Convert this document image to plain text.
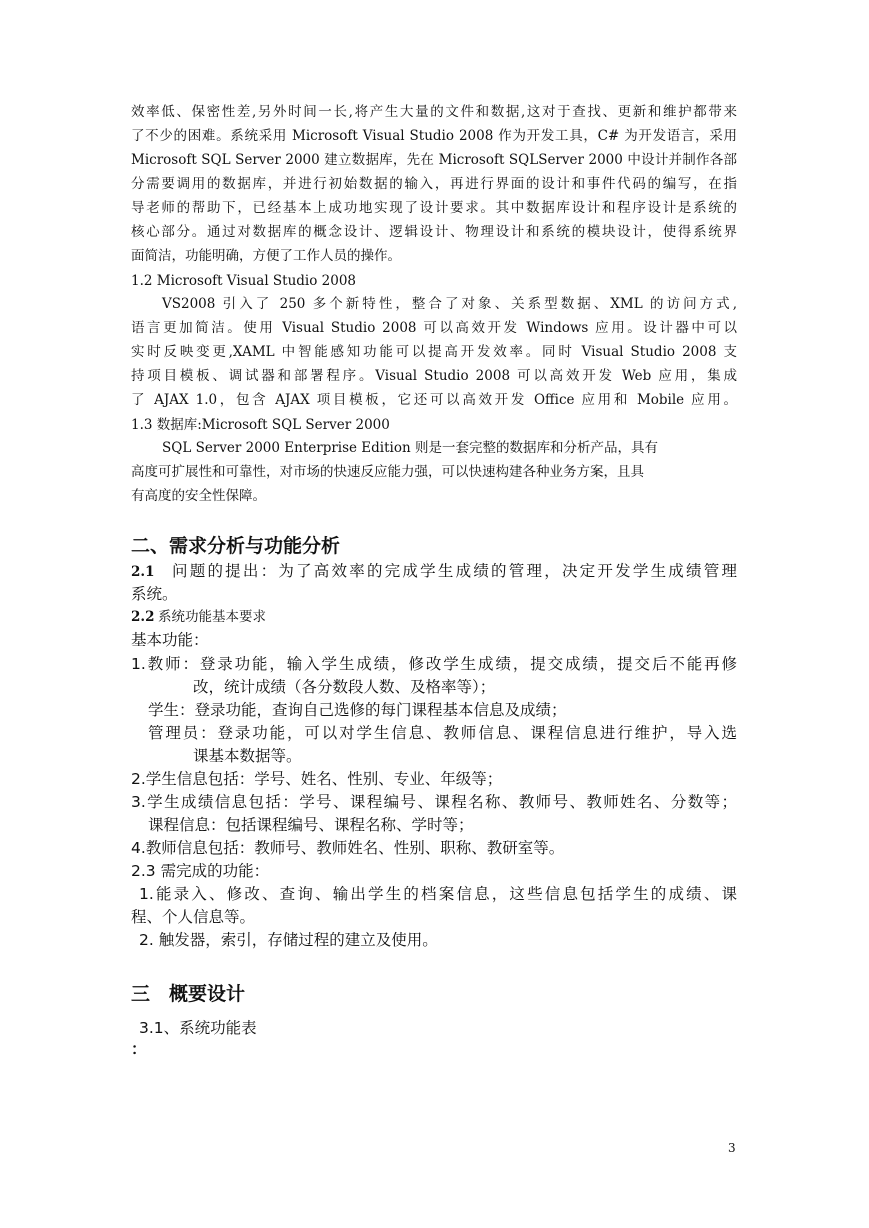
效率低、保密性差,另外时间一长,将产生大量的文件和数据,这对于查找、更新和维护都带来
了不少的困难。系统采用 Microsoft Visual Studio 2008 作为开发工具，C# 为开发语言，采用
Microsoft SQL Server 2000 建立数据库，先在 Microsoft SQLServer 2000 中设计并制作各部
分需要调用的数据库，并进行初始数据的输入，再进行界面的设计和事件代码的编写，在指
导老师的帮助下，已经基本上成功地实现了设计要求。其中数据库设计和程序设计是系统的
核心部分。通过对数据库的概念设计、逻辑设计、物理设计和系统的模块设计，使得系统界
面简洁，功能明确，方便了工作人员的操作。
1.2 Microsoft Visual Studio 2008
VS2008 引入了 250 多个新特性，整合了对象、关系型数据、XML 的访问方式,
语言更加简洁。使用 Visual Studio 2008 可以高效开发 Windows 应用。设计器中可以
实时反映变更,XAML 中智能感知功能可以提高开发效率。同时 Visual Studio 2008 支
持项目模板、调试器和部署程序。Visual Studio 2008 可以高效开发 Web 应用，集成
了 AJAX 1.0，包含 AJAX 项目模板，它还可以高效开发 Office 应用和 Mobile 应用。
1.3 数据库:Microsoft SQL Server 2000
SQL Server 2000 Enterprise Edition 则是一套完整的数据库和分析产品，具有
高度可扩展性和可靠性，对市场的快速反应能力强，可以快速构建各种业务方案，且具
有高度的安全性保障。
二、需求分析与功能分析
2.1 问题的提出：为了高效率的完成学生成绩的管理，决定开发学生成绩管理
系统。
2.2 系统功能基本要求
基本功能：
1.教师：登录功能，输入学生成绩，修改学生成绩，提交成绩，提交后不能再修
改，统计成绩（各分数段人数、及格率等）；
学生：登录功能，查询自己选修的每门课程基本信息及成绩；
管理员：登录功能，可以对学生信息、教师信息、课程信息进行维护，导入选
课基本数据等。
2.学生信息包括：学号、姓名、性别、专业、年级等；
3.学生成绩信息包括：学号、课程编号、课程名称、教师号、教师姓名、分数等；
课程信息：包括课程编号、课程名称、学时等；
4.教师信息包括：教师号、教师姓名、性别、职称、教研室等。
2.3 需完成的功能：
1.能录入、修改、查询、输出学生的档案信息，这些信息包括学生的成绩、课
程、个人信息等。
2. 触发器，索引，存储过程的建立及使用。
三　概要设计
3.1、系统功能表
：
3
